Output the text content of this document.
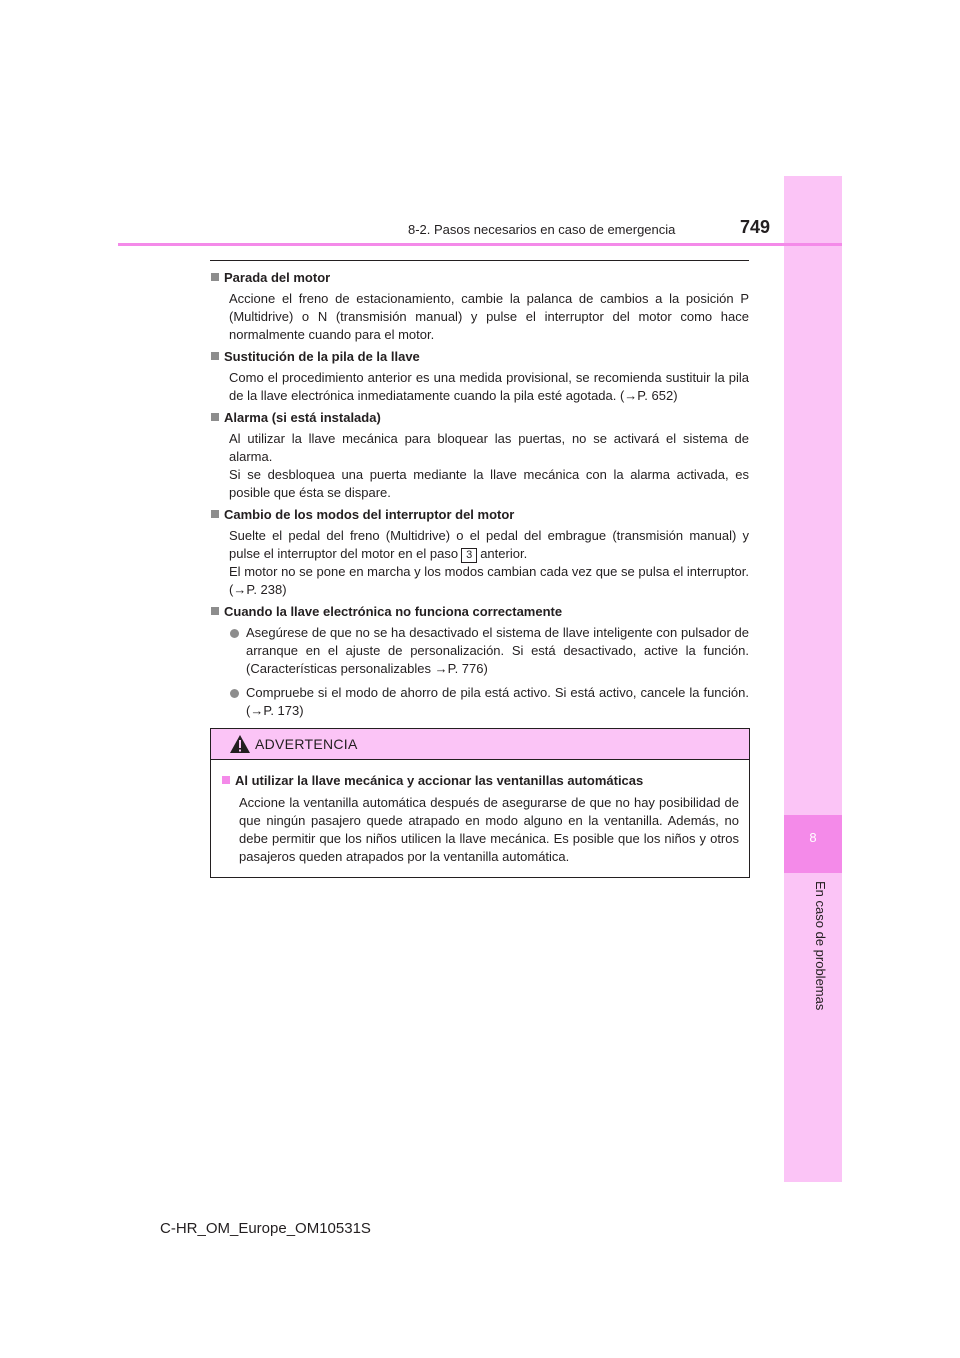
8
En caso de problemas
8-2. Pasos necesarios en caso de emergencia	749
Parada del motor
Accione el freno de estacionamiento, cambie la palanca de cambios a la posición P (Multidrive) o N (transmisión manual) y pulse el interruptor del motor como hace normalmente cuando para el motor.
Sustitución de la pila de la llave
Como el procedimiento anterior es una medida provisional, se recomienda sustituir la pila de la llave electrónica inmediatamente cuando la pila esté agotada. (→P. 652)
Alarma (si está instalada)
Al utilizar la llave mecánica para bloquear las puertas, no se activará el sistema de alarma.
Si se desbloquea una puerta mediante la llave mecánica con la alarma activada, es posible que ésta se dispare.
Cambio de los modos del interruptor del motor
Suelte el pedal del freno (Multidrive) o el pedal del embrague (transmisión manual) y pulse el interruptor del motor en el paso 3 anterior.
El motor no se pone en marcha y los modos cambian cada vez que se pulsa el interruptor. (→P. 238)
Cuando la llave electrónica no funciona correctamente
Asegúrese de que no se ha desactivado el sistema de llave inteligente con pulsador de arranque en el ajuste de personalización. Si está desactivado, active la función. (Características personalizables →P. 776)
Compruebe si el modo de ahorro de pila está activo. Si está activo, cancele la función. (→P. 173)
ADVERTENCIA
Al utilizar la llave mecánica y accionar las ventanillas automáticas
Accione la ventanilla automática después de asegurarse de que no hay posibilidad de que ningún pasajero quede atrapado en modo alguno en la ventanilla. Además, no debe permitir que los niños utilicen la llave mecánica. Es posible que los niños y otros pasajeros queden atrapados por la ventanilla automática.
C-HR_OM_Europe_OM10531S
